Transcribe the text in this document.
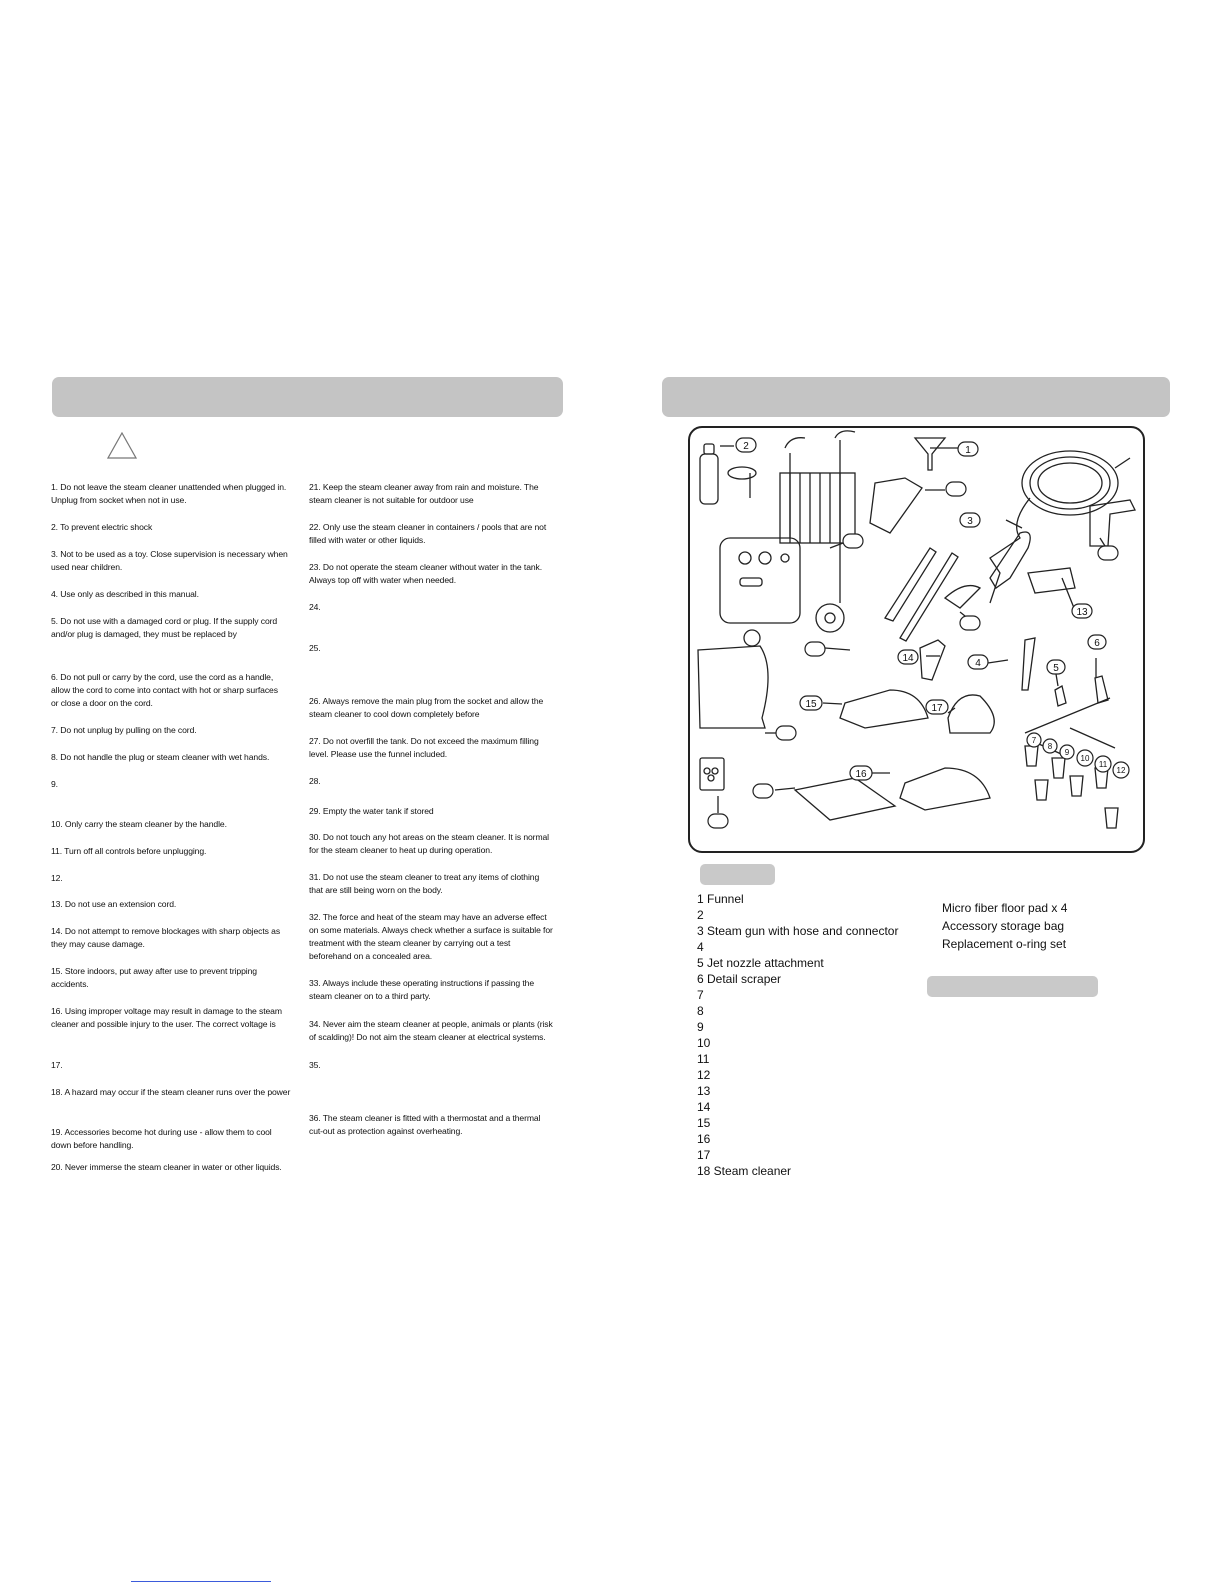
1. Do not leave the steam cleaner unattended when plugged in.
Unplug from socket when not in use.

2. To prevent electric shock

3. Not to be used as a toy. Close supervision is necessary when
used near children.

4. Use only as described in this manual.

5. Do not use with a damaged cord or plug. If the supply cord
and/or plug is damaged, they must be replaced by

6. Do not pull or carry by the cord, use the cord as a handle,
allow the cord to come into contact with hot or sharp surfaces
or close a door on the cord.

7. Do not unplug by pulling on the cord.

8. Do not handle the plug or steam cleaner with wet hands.

9.

10. Only carry the steam cleaner by the handle.

11. Turn off all controls before unplugging.

12.

13. Do not use an extension cord.

14. Do not attempt to remove blockages with sharp objects as
they may cause damage.

15. Store indoors, put away after use to prevent tripping
accidents.

16. Using improper voltage may result in damage to the steam
cleaner and possible injury to the user. The correct voltage is

17.

18. A hazard may occur if the steam cleaner runs over the power

19. Accessories become hot during use - allow them to cool
down before handling.

20. Never immerse the steam cleaner in water or other liquids.

21. Keep the steam cleaner away from rain and moisture. The
steam cleaner is not suitable for outdoor use

22. Only use the steam cleaner in containers / pools that are not
filled with water or other liquids.

23. Do not operate the steam cleaner without water in the tank.
Always top off with water when needed.

24.

25.

26. Always remove the main plug from the socket and allow the
steam cleaner to cool down completely before

27. Do not overfill the tank. Do not exceed the maximum filling
level. Please use the funnel included.

28.

29. Empty the water tank if stored

30. Do not touch any hot areas on the steam cleaner. It is normal
for the steam cleaner to heat up during operation.

31. Do not use the steam cleaner to treat any items of clothing
that are still being worn on the body.

32. The force and heat of the steam may have an adverse effect
on some materials. Always check whether a surface is suitable for
treatment with the steam cleaner by carrying out a test
beforehand on a concealed area.

33. Always include these operating instructions if passing the
steam cleaner on to a third party.

34. Never aim the steam cleaner at people, animals or plants (risk
of scalding)! Do not aim the steam cleaner at electrical systems.

35.

36. The steam cleaner is fitted with a thermostat and a thermal
cut-out as protection against overheating.

2	1
3
13
6
14	4	5
15	17
7
8
9
10
11
12
16
1 Funnel
2
3 Steam gun with hose and connector
4
5 Jet nozzle attachment
6 Detail scraper
7
8
9
10
11
12
13
14
15
16
17
18 Steam cleaner
Micro fiber floor pad x 4
Accessory storage bag
Replacement o-ring set
